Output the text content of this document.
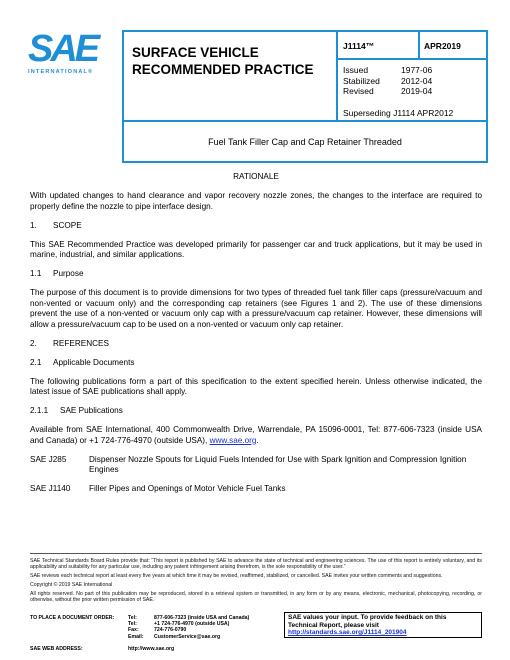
SAE
INTERNATIONAL®
SURFACE VEHICLE
RECOMMENDED PRACTICE
J1114™	APR2019
Issued	1977-06
Stabilized	2012-04
Revised	2019-04
Superseding J1114 APR2012
Fuel Tank Filler Cap and Cap Retainer Threaded

RATIONALE

With updated changes to hand clearance and vapor recovery nozzle zones, the changes to the interface are required to properly define the nozzle to pipe interface design.

1.	SCOPE

This SAE Recommended Practice was developed primarily for passenger car and truck applications, but it may be used in marine, industrial, and similar applications.

1.1	Purpose

The purpose of this document is to provide dimensions for two types of threaded fuel tank filler caps (pressure/vacuum and non-vented or vacuum only) and the corresponding cap retainers (see Figures 1 and 2). The use of these dimensions prevent the use of a non-vented or vacuum only cap with a pressure/vacuum cap retainer. However, these dimensions will allow a pressure/vacuum cap to be used on a non-vented or vacuum only cap retainer.

2.	REFERENCES

2.1	Applicable Documents

The following publications form a part of this specification to the extent specified herein. Unless otherwise indicated, the latest issue of SAE publications shall apply.

2.1.1	SAE Publications

Available from SAE International, 400 Commonwealth Drive, Warrendale, PA 15096-0001, Tel: 877-606-7323 (inside USA and Canada) or +1 724-776-4970 (outside USA), www.sae.org.

SAE J285	Dispenser Nozzle Spouts for Liquid Fuels Intended for Use with Spark Ignition and Compression Ignition Engines
SAE J1140	Filler Pipes and Openings of Motor Vehicle Fuel Tanks

SAE Technical Standards Board Rules provide that: “This report is published by SAE to advance the state of technical and engineering sciences. The use of this report is entirely voluntary, and its applicability and suitability for any particular use, including any patent infringement arising therefrom, is the sole responsibility of the user.”

SAE reviews each technical report at least every five years at which time it may be revised, reaffirmed, stabilized, or cancelled. SAE invites your written comments and suggestions.

Copyright © 2019 SAE International

All rights reserved. No part of this publication may be reproduced, stored in a retrieval system or transmitted, in any form or by any means, electronic, mechanical, photocopying, recording, or otherwise, without the prior written permission of SAE.

TO PLACE A DOCUMENT ORDER:	Tel:	877-606-7323 (inside USA and Canada)
Tel:	+1 724-776-4970 (outside USA)
Fax:	724-776-0790
Email:	CustomerService@sae.org
SAE WEB ADDRESS:	http://www.sae.org
SAE values your input. To provide feedback on this
Technical Report, please visit
http://standards.sae.org/J1114_201904
